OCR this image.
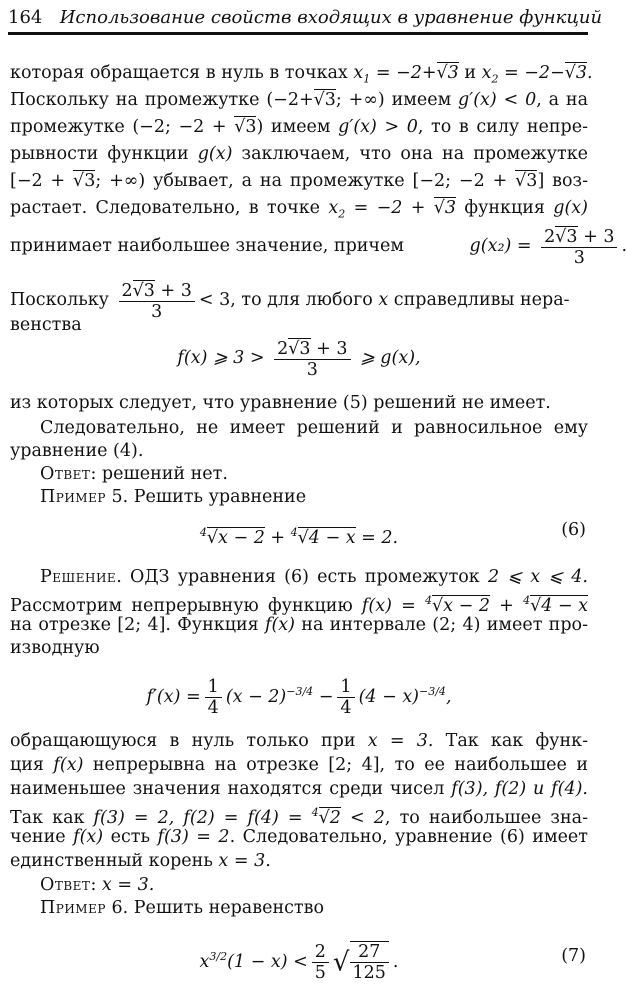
164 Использование свойств входящих в уравнение функций
которая обращается в нуль в точках $x_1 = -2+√3$ и $x_2 = -2-√3$.
Поскольку на промежутке (−2+√3; +∞) имеем g′(x) < 0, а на
промежутке (−2; −2 + √3) имеем g′(x) > 0, то в силу непре-
рывности функции g(x) заключаем, что она на промежутке
[−2 + √3; +∞) убывает, а на промежутке [−2; −2 + √3] воз-
растает. Следовательно, в точке $x_2 = -2 + √3$ функция g(x)
принимает наибольшее значение, причем	$g(x_2) = \frac{2√3 + 3}{3}$ .
Поскольку $\frac{2√3 + 3}{3} < 3$, то для любого x справедливы нера-
венства
f(x) ⩾ $3 > \frac{2√3 + 3}{3}$ ⩾ g(x),
из которых следует, что уравнение (5) решений не имеет.
Следовательно, не имеет решений и равносильное ему
уравнение (4).
Ответ: решений нет.
Пример 5. Решить уравнение
$^4$√x − 2 + $^4$√4 − x = 2.	(6)
Решение. ОДЗ уравнения (6) есть промежуток 2 ⩽ x ⩽ 4.
Рассмотрим непрерывную функцию f(x) = $^4$√x − 2 + $^4$√4 − x
на отрезке [2; 4]. Функция f(x) на интервале (2; 4) имеет про-
изводную
$f'(x) = \frac{1}{4} (x - 2)^{-3/4} - \frac{1}{4} (4 - x)^{-3/4}$,
обращающуюся в нуль только при x = 3. Так как функ-
ция f(x) непрерывна на отрезке [2; 4], то ее наибольшее и
наименьшее значения находятся среди чисел f(3), f(2) и f(4).
Так как f(3) = 2, f(2) = f(4) = $^4$√2 < 2, то наибольшее зна-
чение f(x) есть f(3) = 2. Следовательно, уравнение (6) имеет
единственный корень x = 3.
Ответ: x = 3.
Пример 6. Решить неравенство
$x^{3/2}(1 - x) < \frac{2}{5}$ √ $\frac{27}{125}$ .	(7)
